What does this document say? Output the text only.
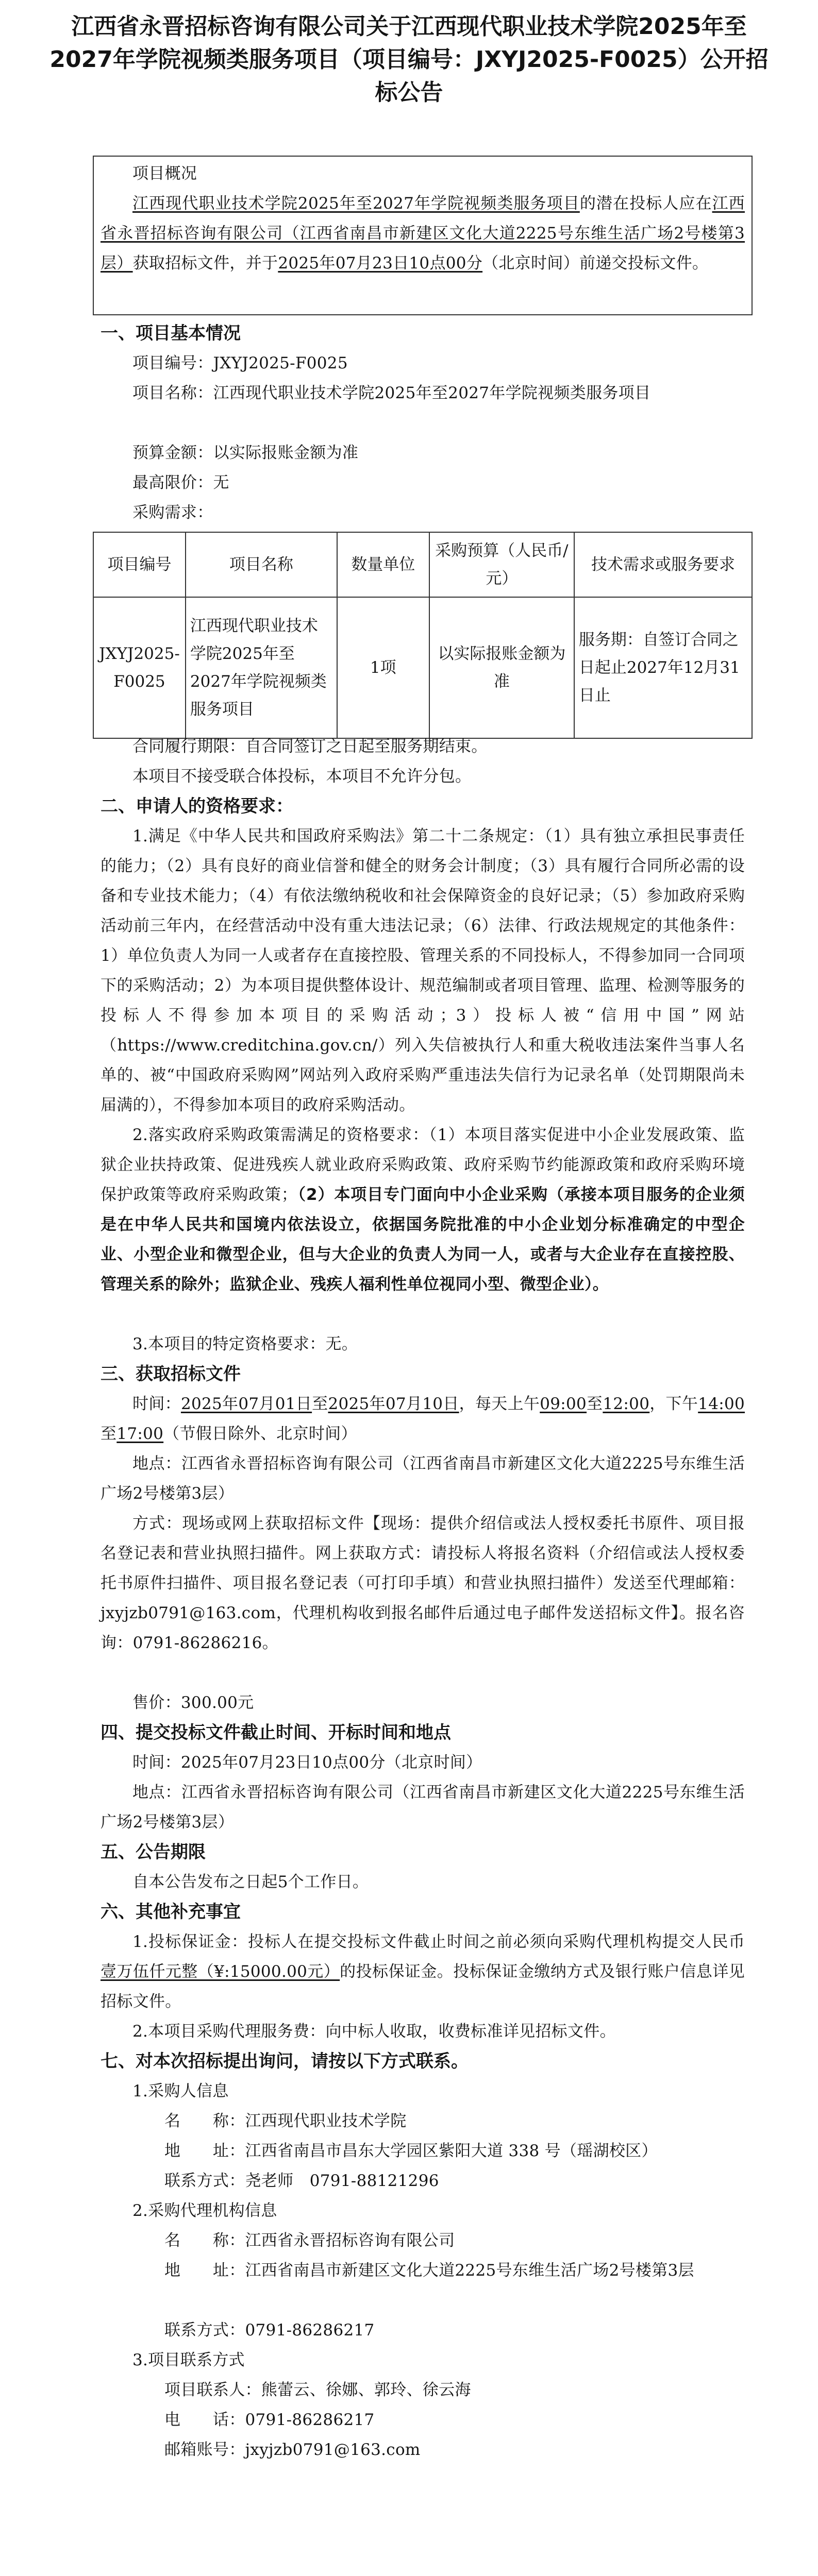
江西省永晋招标咨询有限公司关于江西现代职业技术学院2025年至2027年学院视频类服务项目（项目编号：JXYJ2025-F0025）公开招标公告

项目概况

江西现代职业技术学院2025年至2027年学院视频类服务项目的潜在投标人应在江西省永晋招标咨询有限公司（江西省南昌市新建区文化大道2225号东维生活广场2号楼第3层）获取招标文件，并于2025年07月23日10点00分（北京时间）前递交投标文件。

一、项目基本情况

项目编号：JXYJ2025-F0025

项目名称：江西现代职业技术学院2025年至2027年学院视频类服务项目

预算金额：以实际报账金额为准

最高限价：无

采购需求：

项目编号	项目名称	数量单位	采购预算（人民币/元）	技术需求或服务要求
JXYJ2025-F0025	江西现代职业技术学院2025年至2027年学院视频类服务项目	1项	以实际报账金额为准	服务期：自签订合同之日起止2027年12月31日止

合同履行期限：自合同签订之日起至服务期结束。

本项目不接受联合体投标，本项目不允许分包。

二、申请人的资格要求：

1.满足《中华人民共和国政府采购法》第二十二条规定：（1）具有独立承担民事责任的能力；（2）具有良好的商业信誉和健全的财务会计制度；（3）具有履行合同所必需的设备和专业技术能力；（4）有依法缴纳税收和社会保障资金的良好记录；（5）参加政府采购活动前三年内，在经营活动中没有重大违法记录；（6）法律、行政法规规定的其他条件：1）单位负责人为同一人或者存在直接控股、管理关系的不同投标人，不得参加同一合同项下的采购活动；2）为本项目提供整体设计、规范编制或者项目管理、监理、检测等服务的投标人不得参加本项目的采购活动；3）投标人被“信用中国”网站（https://www.creditchina.gov.cn/）列入失信被执行人和重大税收违法案件当事人名单的、被“中国政府采购网”网站列入政府采购严重违法失信行为记录名单（处罚期限尚未届满的），不得参加本项目的政府采购活动。

2.落实政府采购政策需满足的资格要求：（1）本项目落实促进中小企业发展政策、监狱企业扶持政策、促进残疾人就业政府采购政策、政府采购节约能源政策和政府采购环境保护政策等政府采购政策；（2）本项目专门面向中小企业采购（承接本项目服务的企业须是在中华人民共和国境内依法设立，依据国务院批准的中小企业划分标准确定的中型企业、小型企业和微型企业，但与大企业的负责人为同一人，或者与大企业存在直接控股、管理关系的除外；监狱企业、残疾人福利性单位视同小型、微型企业）。

3.本项目的特定资格要求：无。

三、获取招标文件

时间：2025年07月01日至2025年07月10日，每天上午09:00至12:00，下午14:00至17:00（节假日除外、北京时间）

地点：江西省永晋招标咨询有限公司（江西省南昌市新建区文化大道2225号东维生活广场2号楼第3层）

方式：现场或网上获取招标文件【现场：提供介绍信或法人授权委托书原件、项目报名登记表和营业执照扫描件。网上获取方式：请投标人将报名资料（介绍信或法人授权委托书原件扫描件、项目报名登记表（可打印手填）和营业执照扫描件）发送至代理邮箱：jxyjzb0791@163.com，代理机构收到报名邮件后通过电子邮件发送招标文件】。报名咨询：0791-86286216。

售价：300.00元

四、提交投标文件截止时间、开标时间和地点

时间：2025年07月23日10点00分（北京时间）

地点：江西省永晋招标咨询有限公司（江西省南昌市新建区文化大道2225号东维生活广场2号楼第3层）

五、公告期限

自本公告发布之日起5个工作日。

六、其他补充事宜

1.投标保证金：投标人在提交投标文件截止时间之前必须向采购代理机构提交人民币壹万伍仟元整（¥:15000.00元）的投标保证金。投标保证金缴纳方式及银行账户信息详见招标文件。

2.本项目采购代理服务费：向中标人收取，收费标准详见招标文件。

七、对本次招标提出询问，请按以下方式联系。

1.采购人信息

名　　称：江西现代职业技术学院

地　　址：江西省南昌市昌东大学园区紫阳大道 338 号（瑶湖校区）

联系方式：尧老师　0791-88121296

2.采购代理机构信息

名　　称：江西省永晋招标咨询有限公司

地　　址：江西省南昌市新建区文化大道2225号东维生活广场2号楼第3层

联系方式：0791-86286217

3.项目联系方式

项目联系人：熊蕾云、徐娜、郭玲、徐云海

电　　话：0791-86286217

邮箱账号：jxyjzb0791@163.com
